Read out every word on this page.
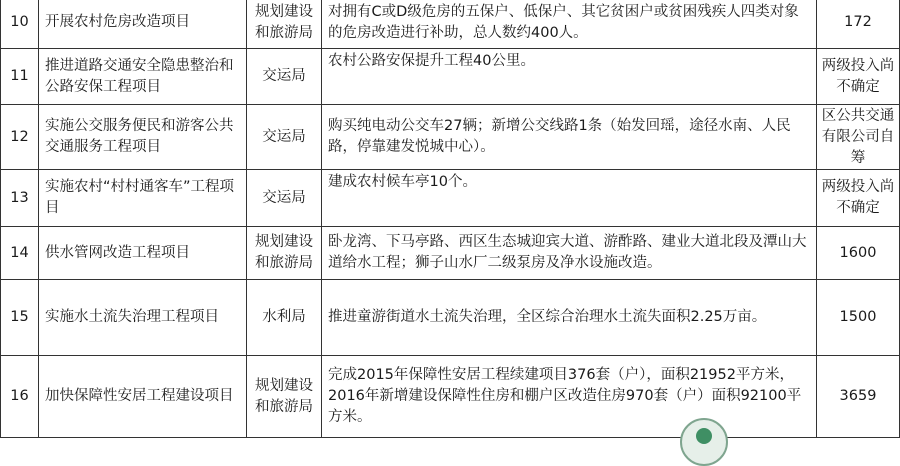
10	开展农村危房改造项目	规划建设和旅游局	对拥有C或D级危房的五保户、低保户、其它贫困户或贫困残疾人四类对象的危房改造进行补助，总人数约400人。	172
11	推进道路交通安全隐患整治和公路安保工程项目	交运局	农村公路安保提升工程40公里。	两级投入尚不确定
12	实施公交服务便民和游客公共交通服务工程项目	交运局	购买纯电动公交车27辆；新增公交线路1条（始发回瑶，途径水南、人民路，停靠建发悦城中心）。	区公共交通有限公司自筹
13	实施农村“村村通客车”工程项目	交运局	建成农村候车亭10个。	两级投入尚不确定
14	供水管网改造工程项目	规划建设和旅游局	卧龙湾、下马亭路、西区生态城迎宾大道、游酢路、建业大道北段及潭山大道给水工程；狮子山水厂二级泵房及净水设施改造。	1600
15	实施水土流失治理工程项目	水利局	推进童游街道水土流失治理，全区综合治理水土流失面积2.25万亩。	1500
16	加快保障性安居工程建设项目	规划建设和旅游局	完成2015年保障性安居工程续建项目376套（户），面积21952平方米，2016年新增建设保障性住房和棚户区改造住房970套（户）面积92100平方米。	3659
